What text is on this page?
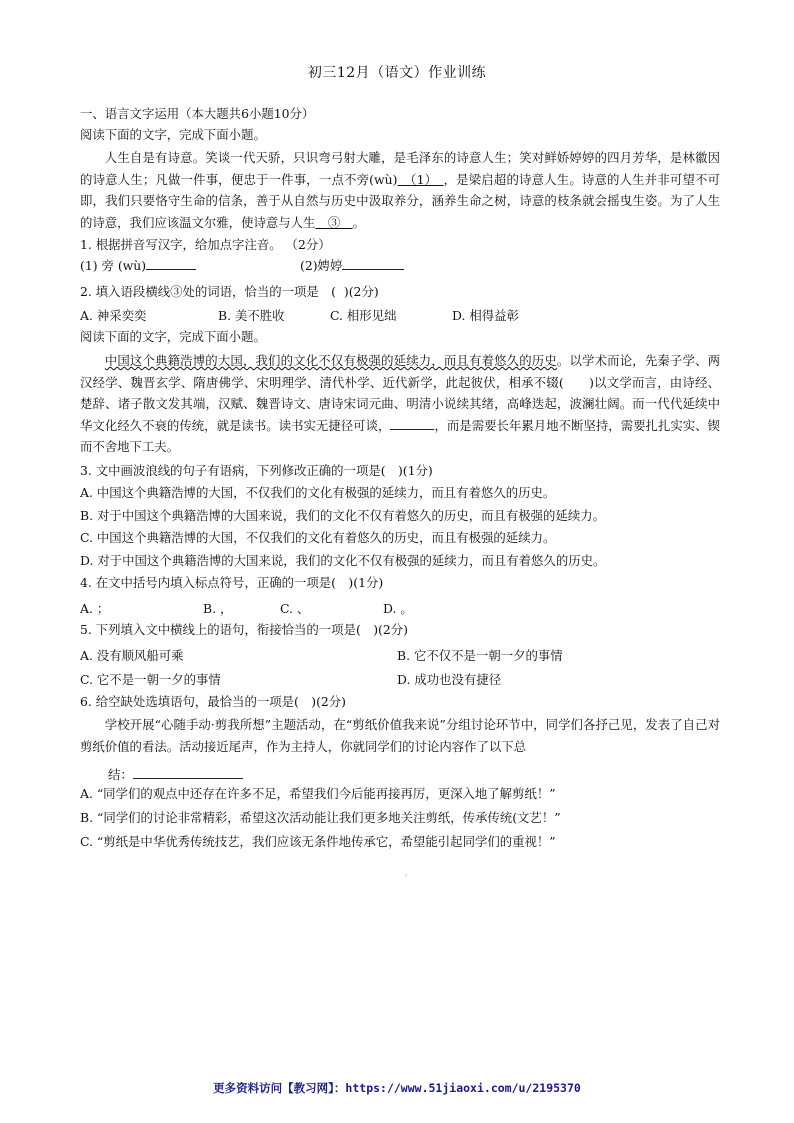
初三12月（语文）作业训练
一、语言文字运用（本大题共6小题10分）
阅读下面的文字，完成下面小题。

人生自是有诗意。笑谈一代天骄，只识弯弓射大雕，是毛泽东的诗意人生；笑对鲜娇婷婷的四月芳华，是林徽因的诗意人生；凡做一件事，便忠于一件事，一点不旁(wù)　 （1）　 ，是梁启超的诗意人生。诗意的人生并非可望不可即，我们只要恪守生命的信条，善于从自然与历史中汲取养分，涵养生命之树，诗意的枝条就会摇曳生姿。为了人生的诗意，我们应该温文尔雅，使诗意与人生　 ③　 。

1. 根据拼音写汉字，给加点字注音。 （2分）
(1) 旁 (wù)	(2)娉婷
2. 填入语段横线③处的词语，恰当的一项是　(  )(2分)
A. 神采奕奕	B. 美不胜收	C. 相形见绌	D. 相得益彰
阅读下面的文字，完成下面小题。

中国这个典籍浩博的大国，我们的文化不仅有极强的延续力，而且有着悠久的历史。以学术而论，先秦子学、两汉经学、魏晋玄学、隋唐佛学、宋明理学、清代朴学、近代新学，此起彼伏，相承不辍(　　)以文学而言，由诗经、楚辞、诸子散文发其端，汉赋、魏晋诗文、唐诗宋词元曲、明清小说续其绪，高峰迭起，波澜壮阔。而一代代延续中华文化经久不衰的传统，就是读书。读书实无捷径可谈，	，而是需要长年累月地不断坚持，需要扎扎实实、锲而不舍地下工夫。

3. 文中画波浪线的句子有语病，下列修改正确的一项是(　)(1分)
A. 中国这个典籍浩博的大国，不仅我们的文化有极强的延续力，而且有着悠久的历史。
B. 对于中国这个典籍浩博的大国来说，我们的文化不仅有着悠久的历史，而且有极强的延续力。
C. 中国这个典籍浩博的大国，不仅我们的文化有着悠久的历史，而且有极强的延续力。
D. 对于中国这个典籍浩博的大国来说，我们的文化不仅有极强的延续力，而且有着悠久的历史。
4. 在文中括号内填入标点符号，正确的一项是(　)(1分)
A. ；	B. ，	C. 、	D. 。
5. 下列填入文中横线上的语句，衔接恰当的一项是(　)(2分)
A. 没有顺风船可乘	B. 它不仅不是一朝一夕的事情
C. 它不是一朝一夕的事情	D. 成功也没有捷径
6. 给空缺处选填语句，最恰当的一项是(　)(2分)

学校开展“心随手动·剪我所想”主题活动，在“剪纸价值我来说”分组讨论环节中，同学们各抒己见，发表了自己对剪纸价值的看法。活动接近尾声，作为主持人，你就同学们的讨论内容作了以下总

结：
A. “同学们的观点中还存在许多不足，希望我们今后能再接再厉，更深入地了解剪纸！”
B. “同学们的讨论非常精彩，希望这次活动能让我们更多地关注剪纸，传承传统(文艺！”
C. “剪纸是中华优秀传统技艺，我们应该无条件地传承它，希望能引起同学们的重视！”
'
更多资料访问【教习网】：https://www.51jiaoxi.com/u/2195370
